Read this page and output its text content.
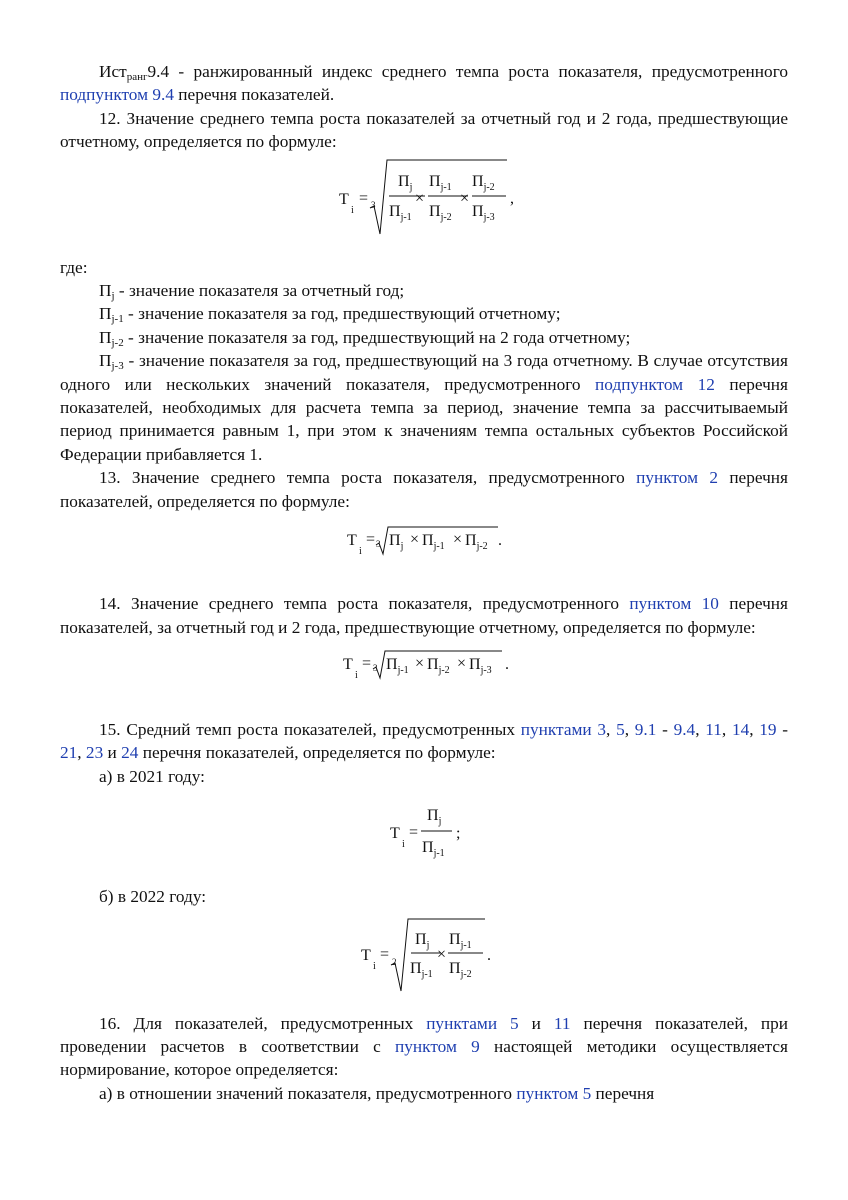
Ист$_{ранг}$9.4 - ранжированный индекс среднего темпа роста показателя, предусмотренного подпунктом 9.4 перечня показателей.

12. Значение среднего темпа роста показателей за отчетный год и 2 года, предшествующие отчетному, определяется по формуле:

Т
i
= 3
$П_j$
$П_{j-1}$
×
$П_{j-1}$
$П_{j-2}$
×
$П_{j-2}$
$П_{j-3}$
,

где:

$П_j$ - значение показателя за отчетный год;

$П_{j-1}$ - значение показателя за год, предшествующий отчетному;

$П_{j-2}$ - значение показателя за год, предшествующий на 2 года отчетному;

$П_{j-3}$ - значение показателя за год, предшествующий на 3 года отчетному. В случае отсутствия одного или нескольких значений показателя, предусмотренного подпунктом 12 перечня показателей, необходимых для расчета темпа за период, значение темпа за рассчитываемый период принимается равным 1, при этом к значениям темпа остальных субъектов Российской Федерации прибавляется 1.

13. Значение среднего темпа роста показателя, предусмотренного пунктом 2 перечня показателей, определяется по формуле:

Т
i
= 3 $П_j \times П_{j-1} \times П_{j-2}$ .

14. Значение среднего темпа роста показателя, предусмотренного пунктом 10 перечня показателей, за отчетный год и 2 года, предшествующие отчетному, определяется по формуле:

Т
i
= 3 $П_{j-1} \times П_{j-2} \times П_{j-3}$ .

15. Средний темп роста показателей, предусмотренных пунктами 3, 5, 9.1 - 9.4, 11, 14, 19 - 21, 23 и 24 перечня показателей, определяется по формуле:

а) в 2021 году:

Т
i
=
$П_j$
$П_{j-1}$
;

б) в 2022 году:

Т
i
= 2
$П_j$
$П_{j-1}$
×
$П_{j-1}$
$П_{j-2}$
.

16. Для показателей, предусмотренных пунктами 5 и 11 перечня показателей, при проведении расчетов в соответствии с пунктом 9 настоящей методики осуществляется нормирование, которое определяется:

а) в отношении значений показателя, предусмотренного пунктом 5 перечня
